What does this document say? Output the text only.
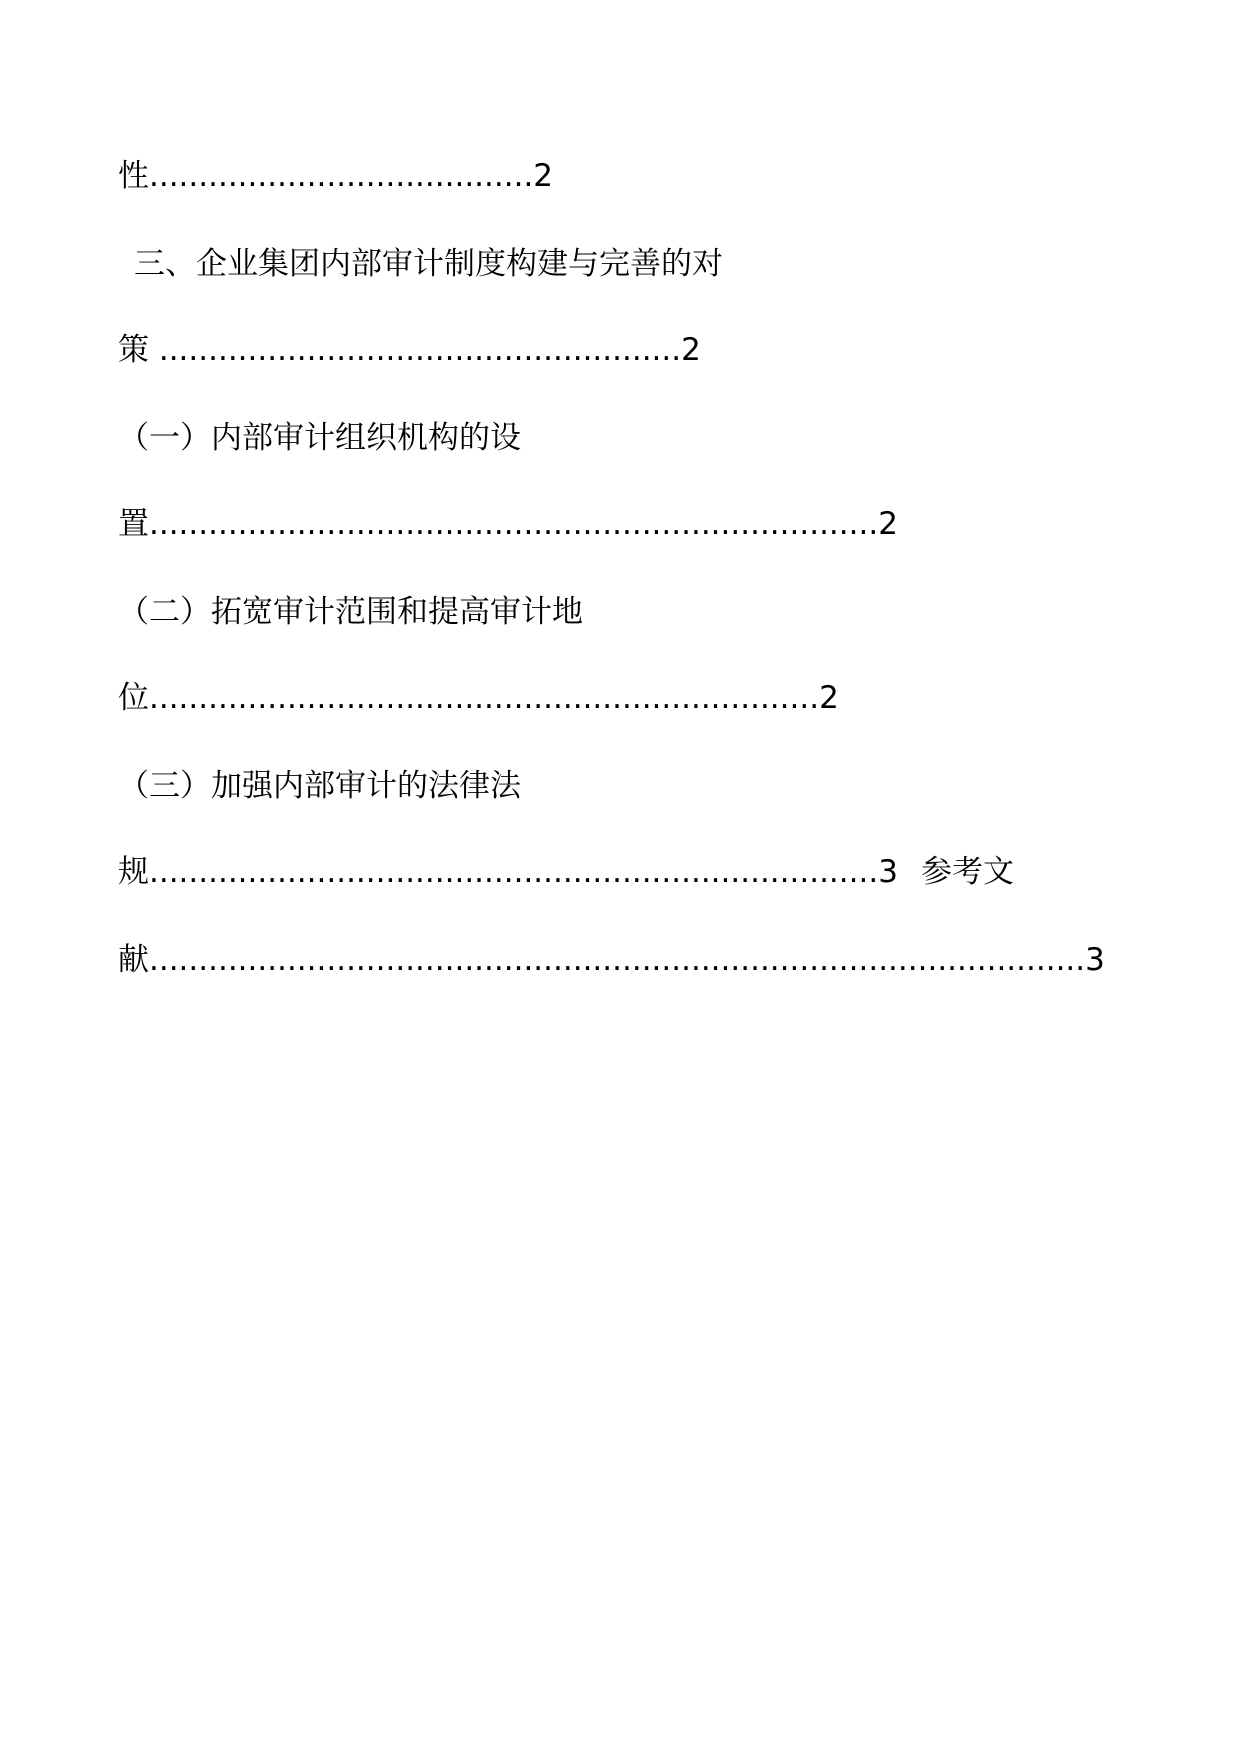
性.......................................2
三、企业集团内部审计制度构建与完善的对
策 .....................................................2
（一）内部审计组织机构的设
置..........................................................................2
（二）拓宽审计范围和提高审计地
位....................................................................2
（三）加强内部审计的法律法
规..........................................................................3 参考文
献...............................................................................................3
